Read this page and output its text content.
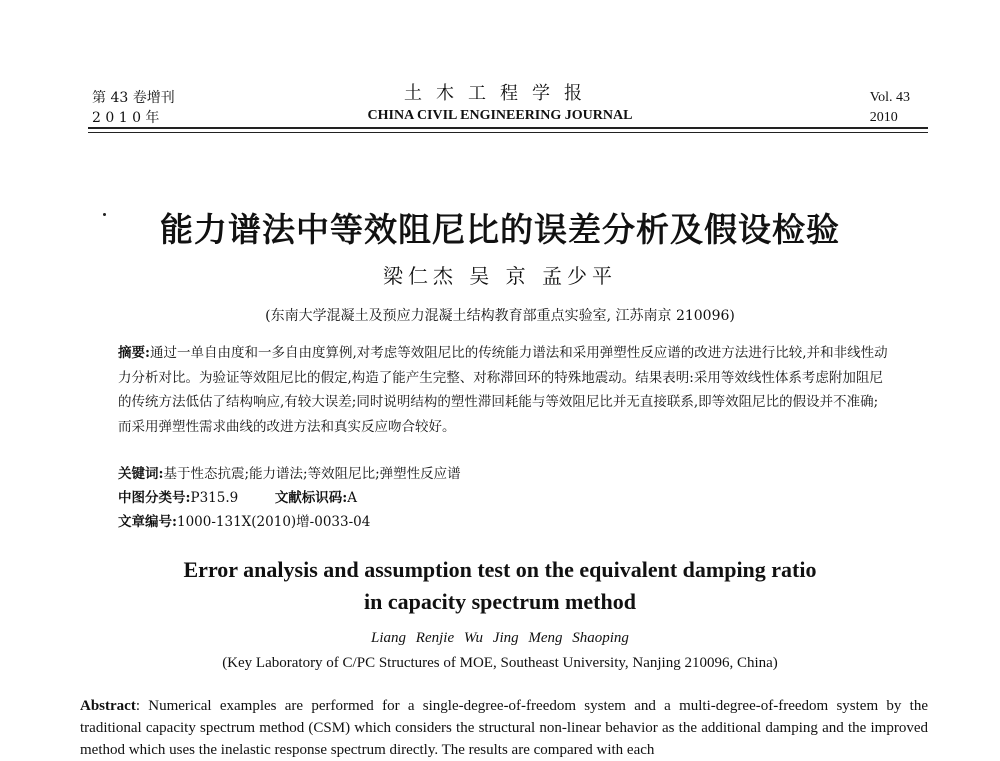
第 43 卷增刊
2 0 1 0 年
土木工程学报
CHINA CIVIL ENGINEERING JOURNAL
Vol. 43
2010
能力谱法中等效阻尼比的误差分析及假设检验
梁仁杰 吴 京 孟少平
(东南大学混凝土及预应力混凝土结构教育部重点实验室, 江苏南京 210096)
摘要:通过一单自由度和一多自由度算例,对考虑等效阻尼比的传统能力谱法和采用弹塑性反应谱的改进方法进行比较,并和非线性动力分析对比。为验证等效阻尼比的假定,构造了能产生完整、对称滞回环的特殊地震动。结果表明:采用等效线性体系考虑附加阻尼的传统方法低估了结构响应,有较大误差;同时说明结构的塑性滞回耗能与等效阻尼比并无直接联系,即等效阻尼比的假设并不准确;而采用弹塑性需求曲线的改进方法和真实反应吻合较好。
关键词:基于性态抗震;能力谱法;等效阻尼比;弹塑性反应谱
中图分类号:P315.9	文献标识码:A
文章编号:1000-131X(2010)增-0033-04
Error analysis and assumption test on the equivalent damping ratio
in capacity spectrum method
Liang Renjie Wu Jing Meng Shaoping
(Key Laboratory of C/PC Structures of MOE, Southeast University, Nanjing 210096, China)
Abstract: Numerical examples are performed for a single-degree-of-freedom system and a multi-degree-of-freedom system by the traditional capacity spectrum method (CSM) which considers the structural non-linear behavior as the additional damping and the improved method which uses the inelastic response spectrum directly. The results are compared with each
